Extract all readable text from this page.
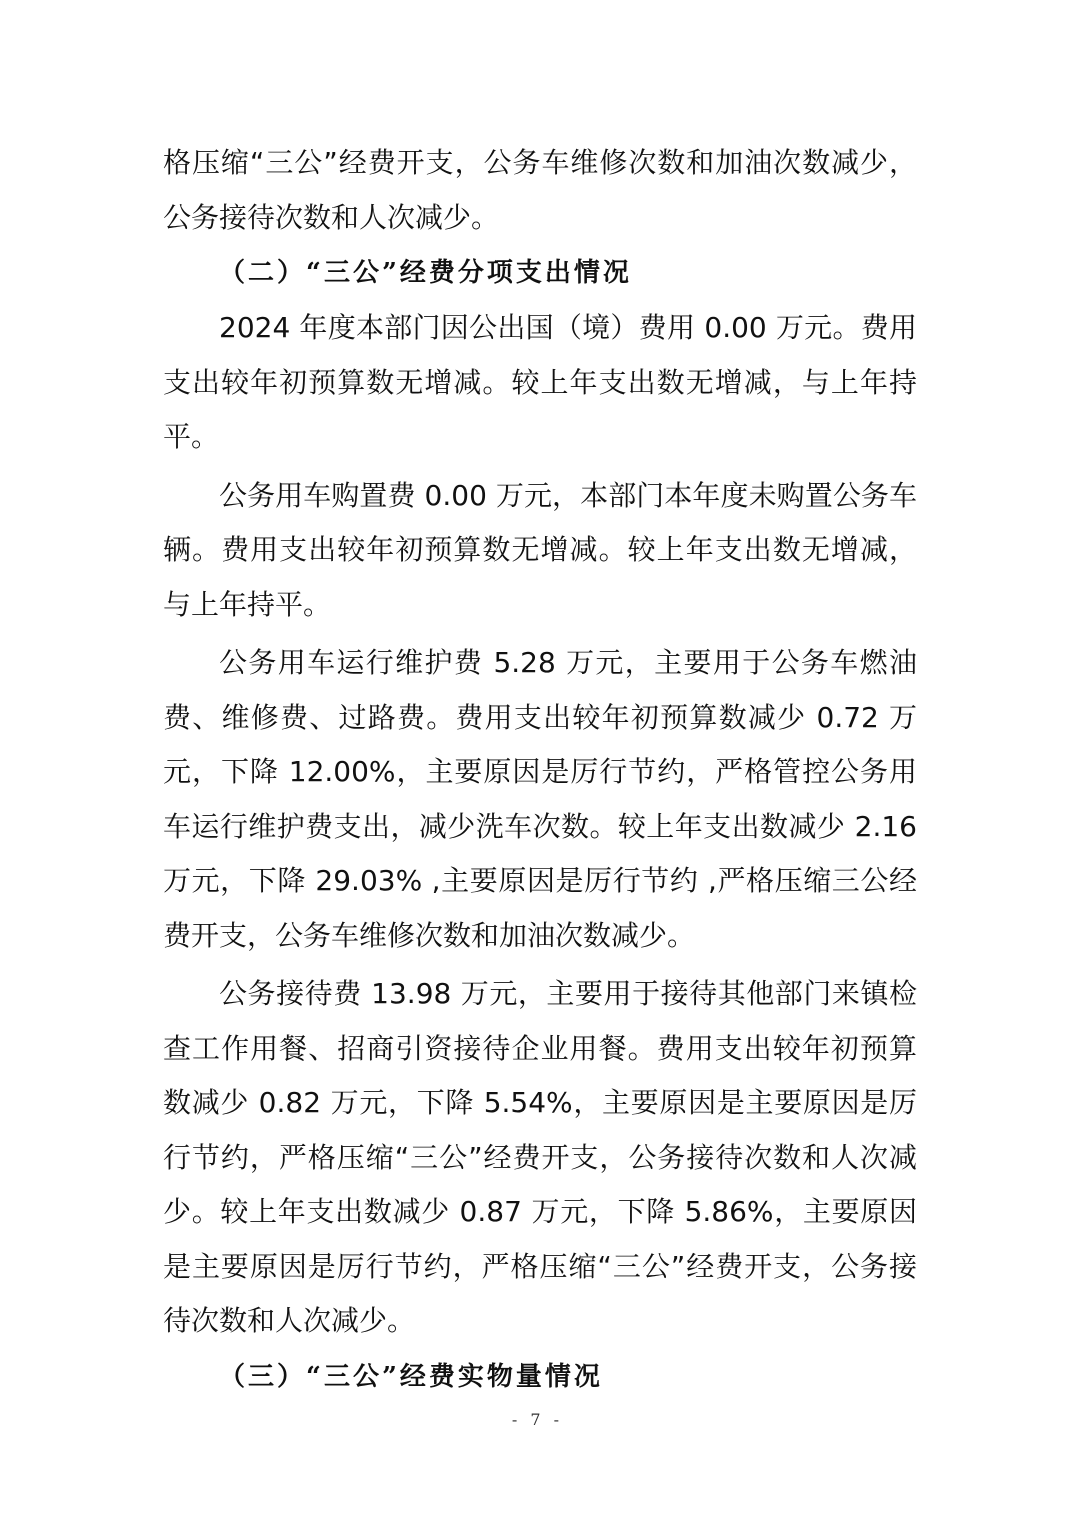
格压缩“三公”经费开支，公务车维修次数和加油次数减少，公务接待次数和人次减少。

（二）“三公”经费分项支出情况

2024 年度本部门因公出国（境）费用 0.00 万元。费用支出较年初预算数无增减。较上年支出数无增减，与上年持平。

公务用车购置费 0.00 万元，本部门本年度未购置公务车辆。费用支出较年初预算数无增减。较上年支出数无增减，与上年持平。

公务用车运行维护费 5.28 万元，主要用于公务车燃油费、维修费、过路费。费用支出较年初预算数减少 0.72 万元，下降 12.00%，主要原因是厉行节约，严格管控公务用车运行维护费支出，减少洗车次数。较上年支出数减少 2.16 万元，下降 29.03% ,主要原因是厉行节约 ,严格压缩三公经费开支，公务车维修次数和加油次数减少。

公务接待费 13.98 万元，主要用于接待其他部门来镇检查工作用餐、招商引资接待企业用餐。费用支出较年初预算数减少 0.82 万元，下降 5.54%，主要原因是主要原因是厉行节约，严格压缩“三公”经费开支，公务接待次数和人次减少。较上年支出数减少 0.87 万元，下降 5.86%，主要原因是主要原因是厉行节约，严格压缩“三公”经费开支，公务接待次数和人次减少。

（三）“三公”经费实物量情况
- 7 -
